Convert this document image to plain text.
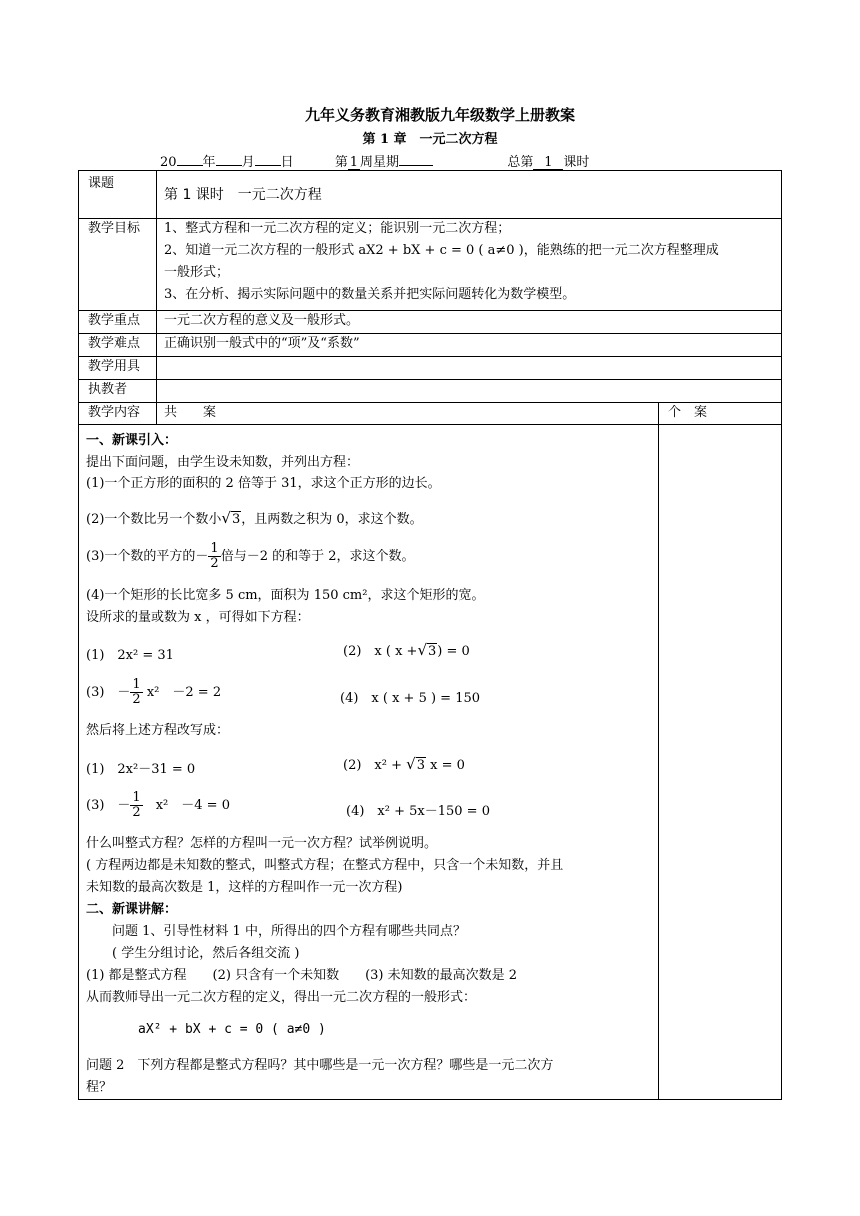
九年义务教育湘教版九年级数学上册教案
第 1 章　一元二次方程
20 年 月 日	第 1 周星期	总第 1 课时
课题
第 1 课时　一元二次方程
教学目标 1、整式方程和一元二次方程的定义；能识别一元二次方程；
2、知道一元二次方程的一般形式 aX2 + bX + c = 0 ( a≠0 )，能熟练的把一元二次方程整理成
一般形式；
3、在分析、揭示实际问题中的数量关系并把实际问题转化为数学模型。
教学重点 一元二次方程的意义及一般形式。
教学难点 正确识别一般式中的“项”及“系数”
教学用具
执教者
教学内容 共　　案	个　案
一、新课引入：
提出下面问题，由学生设未知数，并列出方程：
(1)一个正方形的面积的 2 倍等于 31，求这个正方形的边长。
(2)一个数比另一个数小√3，且两数之积为 0，求这个数。
(3)一个数的平方的－ $\frac{1}{2}$ 倍与－2 的和等于 2，求这个数。
(4)一个矩形的长比宽多 5 cm，面积为 150 cm²，求这个矩形的宽。
设所求的量或数为 x ，可得如下方程：
(1)　2x² = 31	(2)　x ( x +√3) = 0
(3)　－ $\frac{1}{2} x^2$　－2 = 2	(4)　x ( x + 5 ) = 150
然后将上述方程改写成：
(1)　2x²－31 = 0	(2)　x² + √3 x = 0
(3)　－ $\frac{1}{2}$
　 x²　－4 = 0	(4)　x² + 5x－150 = 0
什么叫整式方程？怎样的方程叫一元一次方程？试举例说明。
( 方程两边都是未知数的整式，叫整式方程；在整式方程中，只含一个未知数，并且
未知数的最高次数是 1，这样的方程叫作一元一次方程)
二、新课讲解：
问题 1、引导性材料 1 中，所得出的四个方程有哪些共同点？
( 学生分组讨论，然后各组交流 )
(1) 都是整式方程　　(2) 只含有一个未知数　　(3) 未知数的最高次数是 2
从而教师导出一元二次方程的定义，得出一元二次方程的一般形式：
aX² + bX + c = 0 ( a≠0 )
问题 2　下列方程都是整式方程吗？其中哪些是一元一次方程？哪些是一元二次方
程？
